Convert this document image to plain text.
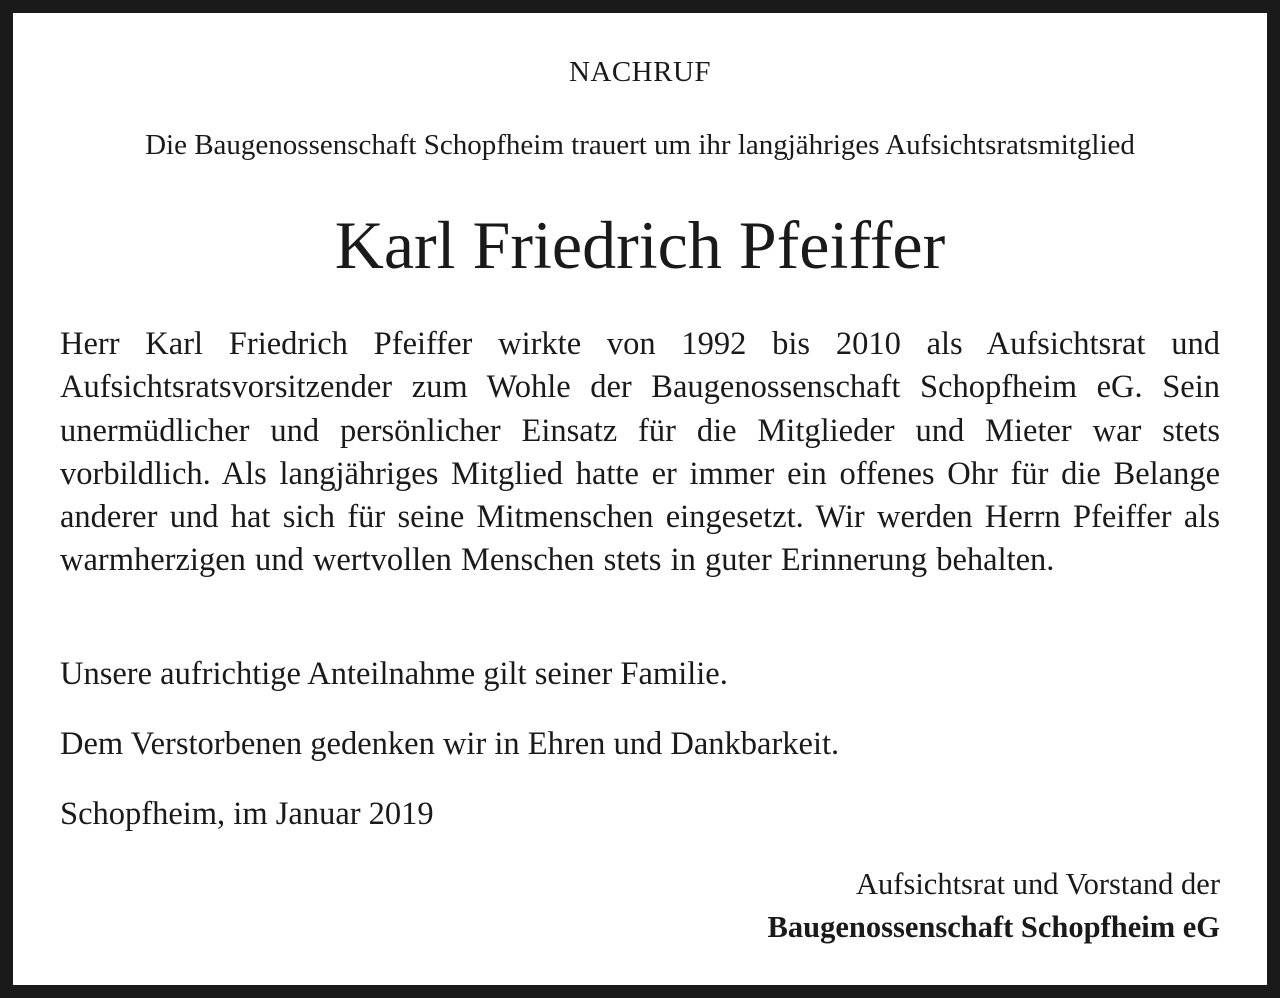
NACHRUF
Die Baugenossenschaft Schopfheim trauert um ihr langjähriges Aufsichtsratsmitglied
Karl Friedrich Pfeiffer
Herr Karl Friedrich Pfeiffer wirkte von 1992 bis 2010 als Aufsichtsrat und Aufsichtsratsvorsitzender zum Wohle der Baugenossenschaft Schopfheim eG. Sein unermüdlicher und persönlicher Einsatz für die Mitglieder und Mieter war stets vorbildlich. Als langjähriges Mitglied hatte er immer ein offenes Ohr für die Belange anderer und hat sich für seine Mitmenschen eingesetzt. Wir werden Herrn Pfeiffer als warmherzigen und wertvollen Menschen stets in guter Erinnerung behalten.
Unsere aufrichtige Anteilnahme gilt seiner Familie.
Dem Verstorbenen gedenken wir in Ehren und Dankbarkeit.
Schopfheim, im Januar 2019
Aufsichtsrat und Vorstand der
Baugenossenschaft Schopfheim eG
